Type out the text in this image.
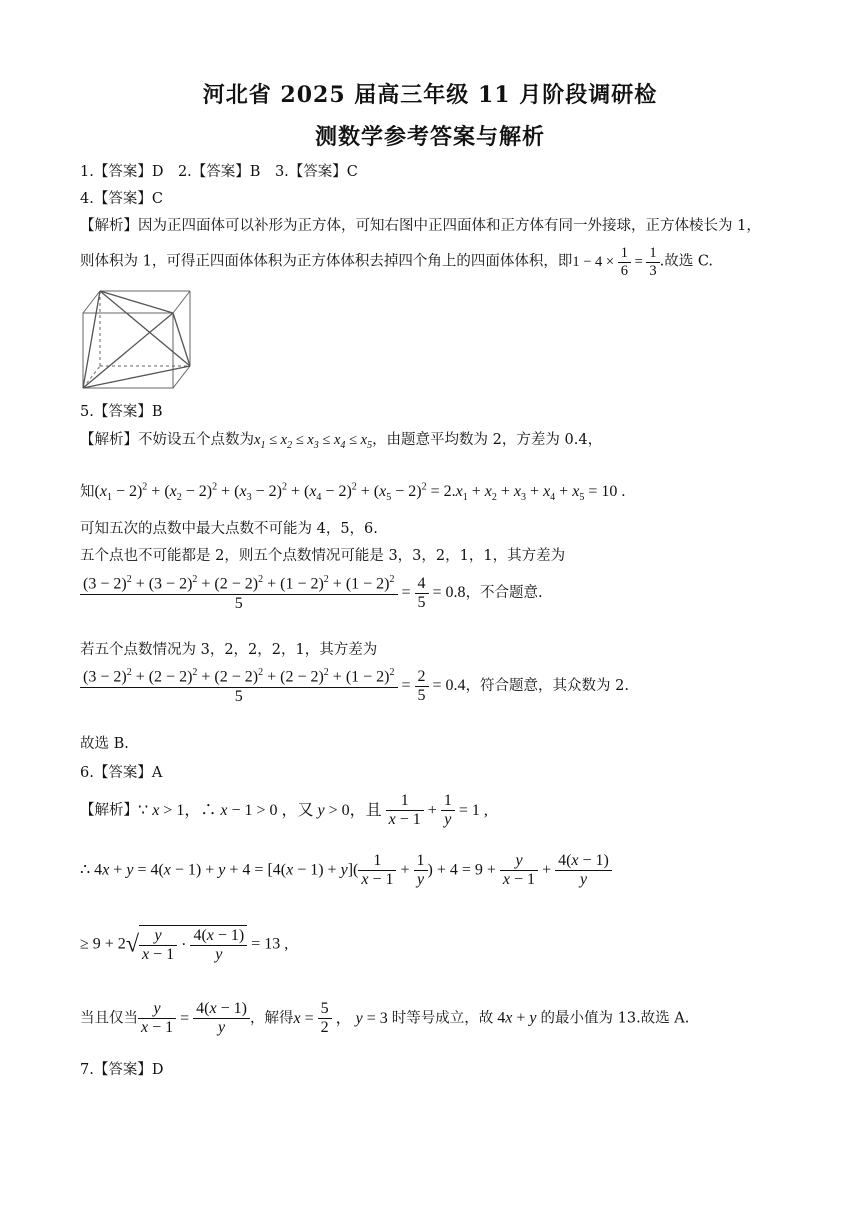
河北省 2025 届高三年级 11 月阶段调研检
测数学参考答案与解析
1.【答案】D　2.【答案】B　3.【答案】C
4.【答案】C
【解析】因为正四面体可以补形为正方体，可知右图中正四面体和正方体有同一外接球，正方体棱长为 1，
则体积为 1，可得正四面体体积为正方体体积去掉四个角上的四面体体积，即$1 - 4 \times \frac{1}{6} = \frac{1}{3}$ .故选 C.
5.【答案】B
【解析】不妨设五个点数为$x_1 \le x_2 \le x_3 \le x_4 \le x_5$，由题意平均数为 2，方差为 0.4，
知$(x_1 - 2)^2 + (x_2 - 2)^2 + (x_3 - 2)^2 + (x_4 - 2)^2 + (x_5 - 2)^2 = 2.x_1 + x_2 + x_3 + x_4 + x_5 = 10$ .
可知五次的点数中最大点数不可能为 4，5，6.
五个点也不可能都是 2，则五个点数情况可能是 3，3，2，1，1，其方差为
$\frac{(3 - 2)^2 + (3 - 2)^2 + (2 - 2)^2 + (1 - 2)^2 + (1 - 2)^2}{5} = \frac{4}{5} = 0.8$，不合题意.
若五个点数情况为 3，2，2，2，1，其方差为
$\frac{(3 - 2)^2 + (2 - 2)^2 + (2 - 2)^2 + (2 - 2)^2 + (1 - 2)^2}{5} = \frac{2}{5} = 0.4$，符合题意，其众数为 2.
故选 B.
6.【答案】A
【解析】∵ x > 1，∴ x − 1 > 0 ，又 y > 0，且 $\frac{1}{x - 1} + \frac{1}{y} = 1$ ,
∴ $4x + y = 4(x - 1) + y + 4 = [4(x - 1) + y]( \frac{1}{x - 1} + \frac{1}{y}$ ) + $4 = 9 + \frac{y}{x - 1} + \frac{4(x - 1)}{y}$
≥ $9 + 2√ \frac{y}{x - 1} \cdot \frac{4(x - 1)}{y} = 13$ ,
当且仅当 $\frac{y}{x - 1} = \frac{4(x - 1)}{y}$ ，解得$x = \frac{5}{2}$ ， y = 3 时等号成立，故 4x + y 的最小值为 13.故选 A.
7.【答案】D
